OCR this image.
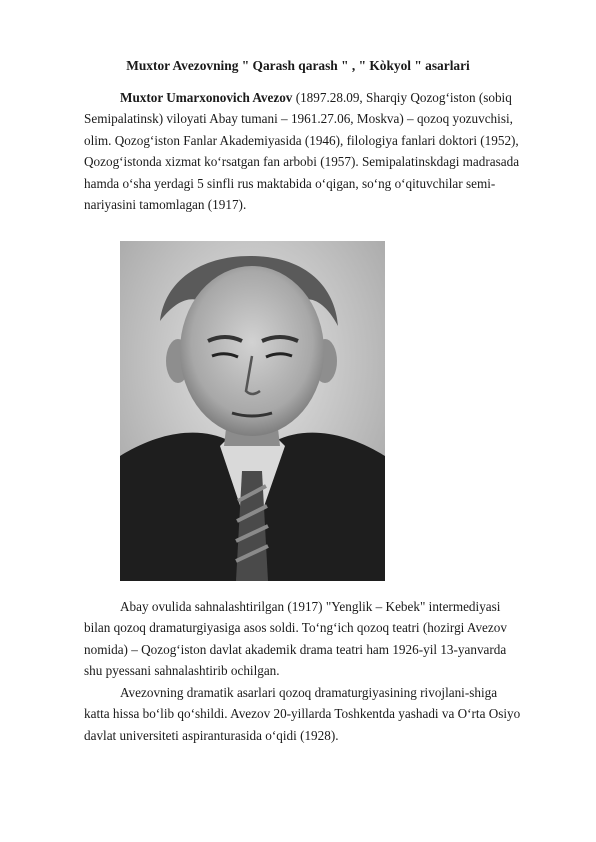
Muxtor Avezovning " Qarash qarash " , " Kòkyol " asarlari

Muxtor Umarxonovich Avezov (1897.28.09, Sharqiy Qozog‘iston (sobiq
Semipalatinsk) viloyati Abay tumani – 1961.27.06, Moskva) – qozoq yozuvchisi,
olim. Qozog‘iston Fanlar Akademiyasida (1946), filologiya fanlari doktori (1952),
Qozog‘istonda xizmat ko‘rsatgan fan arbobi (1957). Semipalatinskdagi madrasada
hamda o‘sha yerdagi 5 sinfli rus maktabida o‘qigan, so‘ng o‘qituvchilar semi-
nariyasini tamomlagan (1917).

Abay ovulida sahnalashtirilgan (1917) "Yenglik – Kebek" intermediyasi
bilan qozoq dramaturgiyasiga asos soldi. To‘ng‘ich qozoq teatri (hozirgi Avezov
nomida) – Qozog‘iston davlat akademik drama teatri ham 1926-yil 13-yanvarda
shu pyessani sahnalashtirib ochilgan.

Avezovning dramatik asarlari qozoq dramaturgiyasining rivojlani-shiga
katta hissa bo‘lib qo‘shildi. Avezov 20-yillarda Toshkentda yashadi va O‘rta Osiyo
davlat universiteti aspiranturasida o‘qidi (1928).
